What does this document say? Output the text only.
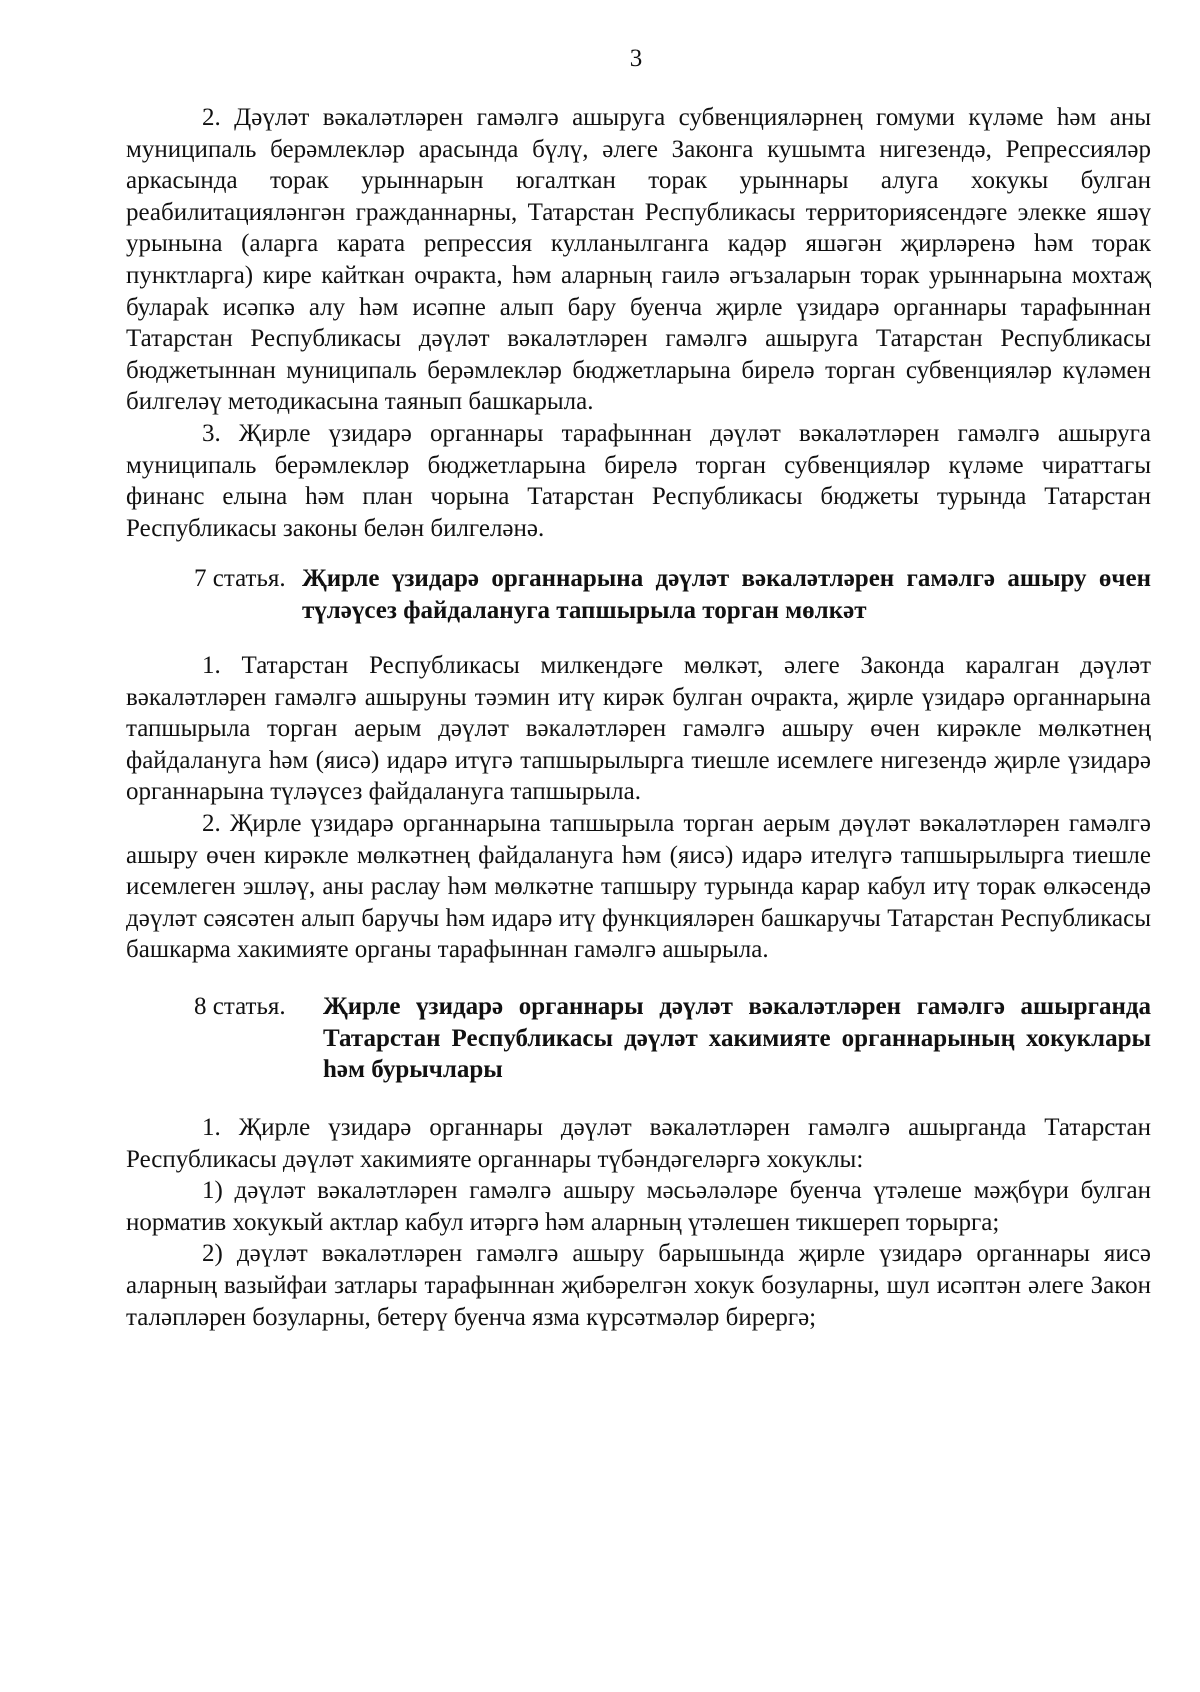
3

2. Дәүләт вәкаләтләрен гамәлгә ашыруга субвенцияләрнең гомуми күләме һәм аны муниципаль берәмлекләр арасында бүлү, әлеге Законга кушымта нигезендә, Репрессияләр аркасында торак урыннарын югалткан торак урыннары алуга хокукы булган реабилитацияләнгән гражданнарны, Татарстан Республикасы территориясендәге элекке яшәү урынына (аларга карата репрессия кулланылганга кадәр яшәгән җирләренә һәм торак пунктларга) кире кайткан очракта, һәм аларның гаилә әгъзаларын торак урыннарына мохтаҗ булараk исәпкә алу һәм исәпне алып бару буенча җирле үзидарә органнары тарафыннан Татарстан Республикасы дәүләт вәкаләтләрен гамәлгә ашыруга Татарстан Республикасы бюджетыннан муниципаль берәмлекләр бюджетларына бирелә торган субвенцияләр күләмен билгеләү методикасына таянып башкарыла.

3. Җирле үзидарә органнары тарафыннан дәүләт вәкаләтләрен гамәлгә ашыруга муниципаль берәмлекләр бюджетларына бирелә торган субвенцияләр күләме чираттагы финанс елына һәм план чорына Татарстан Республикасы бюджеты турында Татарстан Республикасы законы белән билгеләнә.

7 статья. Җирле үзидарә органнарына дәүләт вәкаләтләрен гамәлгә ашыру өчен түләүсез файдалануга тапшырыла торган мөлкәт

1. Татарстан Республикасы милкендәге мөлкәт, әлеге Законда каралган дәүләт вәкаләтләрен гамәлгә ашыруны тәэмин итү кирәк булган очракта, җирле үзидарә органнарына тапшырыла торган аерым дәүләт вәкаләтләрен гамәлгә ашыру өчен кирәкле мөлкәтнең файдалануга һәм (яисә) идарә итүгә тапшырылырга тиешле исемлеге нигезендә җирле үзидарә органнарына түләүсез файдалануга тапшырыла.

2. Җирле үзидарә органнарына тапшырыла торган аерым дәүләт вәкаләтләрен гамәлгә ашыру өчен кирәкле мөлкәтнең файдалануга һәм (яисә) идарә ителүгә тапшырылырга тиешле исемлеген эшләү, аны раслау һәм мөлкәтне тапшыру турында карар кабул итү торак өлкәсендә дәүләт сәясәтен алып баручы һәм идарә итү функцияләрен башкаручы Татарстан Республикасы башкарма хакимияте органы тарафыннан гамәлгә ашырыла.

8 статья.	Җирле үзидарә органнары дәүләт вәкаләтләрен гамәлгә ашырганда Татарстан Республикасы дәүләт хакимияте органнарының хокуклары һәм бурычлары

1. Җирле үзидарә органнары дәүләт вәкаләтләрен гамәлгә ашырганда Татарстан Республикасы дәүләт хакимияте органнары түбәндәгеләргә хокуклы:

1) дәүләт вәкаләтләрен гамәлгә ашыру мәсьәләләре буенча үтәлеше мәҗбүри булган норматив хокукый актлар кабул итәргә һәм аларның үтәлешен тикшереп торырга;

2) дәүләт вәкаләтләрен гамәлгә ашыру барышында җирле үзидарә органнары яисә аларның вазыйфаи затлары тарафыннан җибәрелгән хокук бозуларны, шул исәптән әлеге Закон таләпләрен бозуларны, бетерү буенча язма күрсәтмәләр бирергә;
